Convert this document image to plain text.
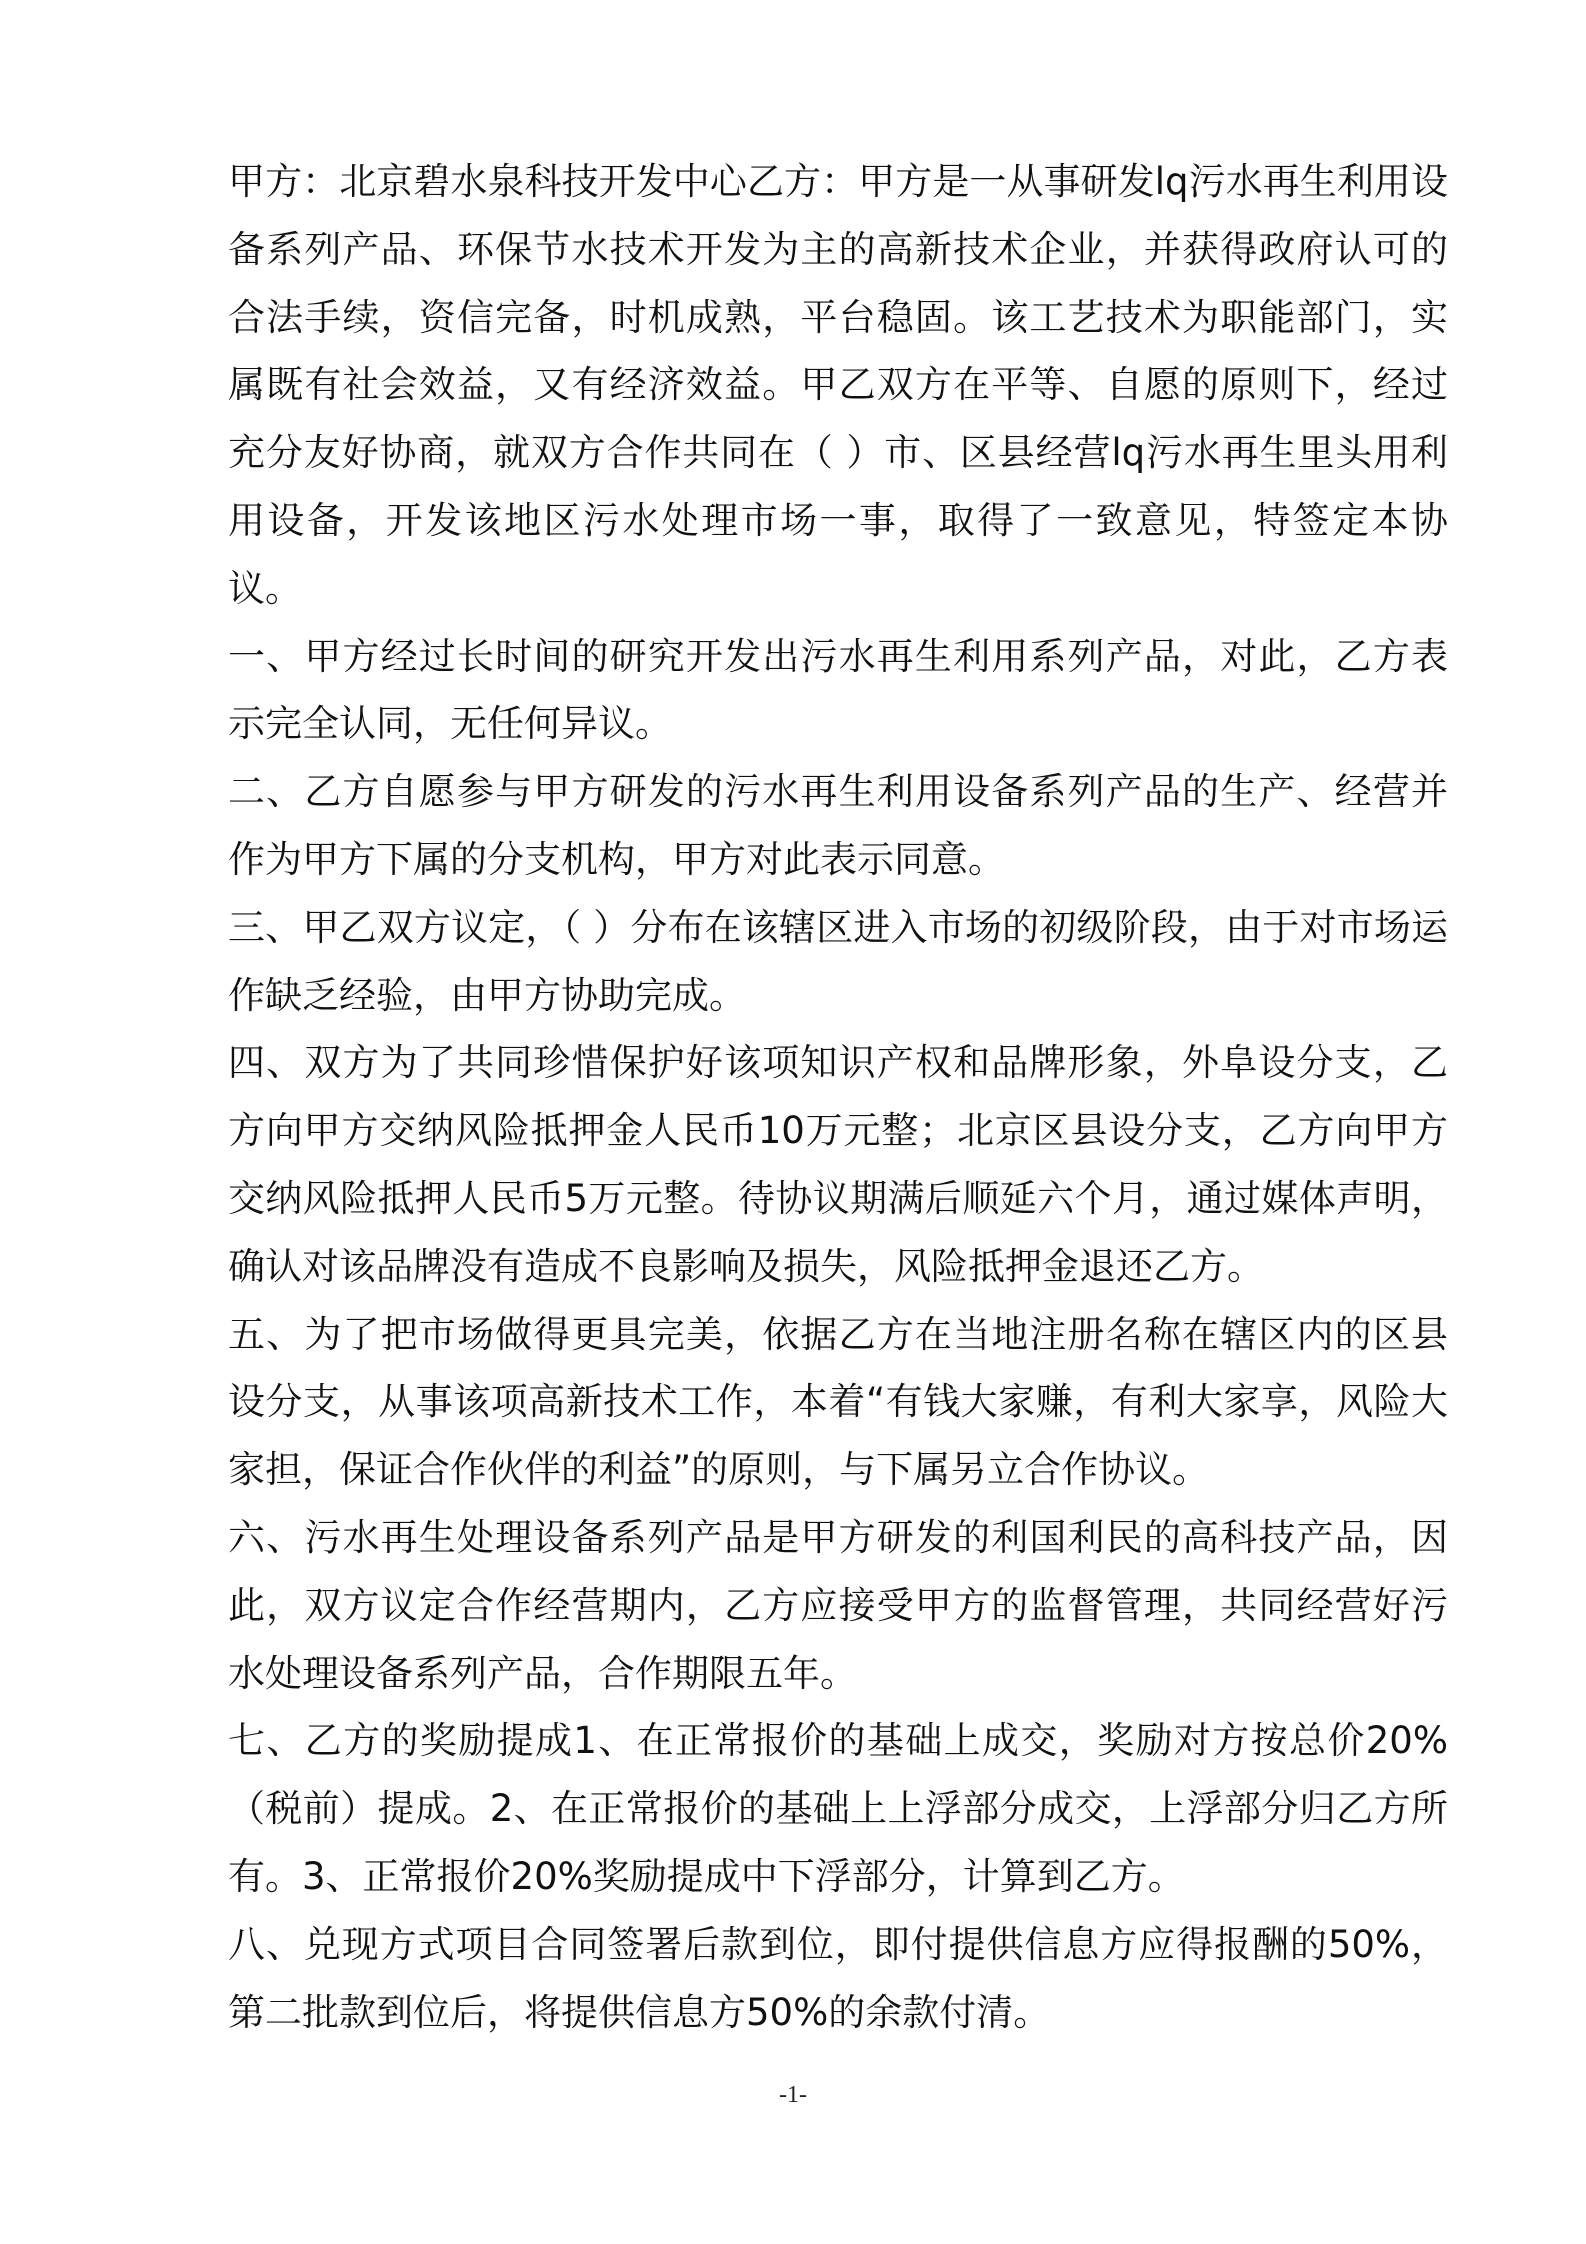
甲方：北京碧水泉科技开发中心乙方：甲方是一从事研发lq污水再生利用设备系列产品、环保节水技术开发为主的高新技术企业，并获得政府认可的合法手续，资信完备，时机成熟，平台稳固。该工艺技术为职能部门，实属既有社会效益，又有经济效益。甲乙双方在平等、自愿的原则下，经过充分友好协商，就双方合作共同在（ ）市、区县经营lq污水再生里头用利用设备，开发该地区污水处理市场一事，取得了一致意见，特签定本协议。

一、甲方经过长时间的研究开发出污水再生利用系列产品，对此，乙方表示完全认同，无任何异议。

二、乙方自愿参与甲方研发的污水再生利用设备系列产品的生产、经营并作为甲方下属的分支机构，甲方对此表示同意。

三、甲乙双方议定，（ ）分布在该辖区进入市场的初级阶段，由于对市场运作缺乏经验，由甲方协助完成。

四、双方为了共同珍惜保护好该项知识产权和品牌形象，外阜设分支，乙方向甲方交纳风险抵押金人民币10万元整；北京区县设分支，乙方向甲方交纳风险抵押人民币5万元整。待协议期满后顺延六个月，通过媒体声明，确认对该品牌没有造成不良影响及损失，风险抵押金退还乙方。

五、为了把市场做得更具完美，依据乙方在当地注册名称在辖区内的区县设分支，从事该项高新技术工作，本着“有钱大家赚，有利大家享，风险大家担，保证合作伙伴的利益”的原则，与下属另立合作协议。

六、污水再生处理设备系列产品是甲方研发的利国利民的高科技产品，因此，双方议定合作经营期内，乙方应接受甲方的监督管理，共同经营好污水处理设备系列产品，合作期限五年。

七、乙方的奖励提成1、在正常报价的基础上成交，奖励对方按总价20%（税前）提成。2、在正常报价的基础上上浮部分成交，上浮部分归乙方所有。3、正常报价20%奖励提成中下浮部分，计算到乙方。

八、兑现方式项目合同签署后款到位，即付提供信息方应得报酬的50%，第二批款到位后，将提供信息方50%的余款付清。

-1-
